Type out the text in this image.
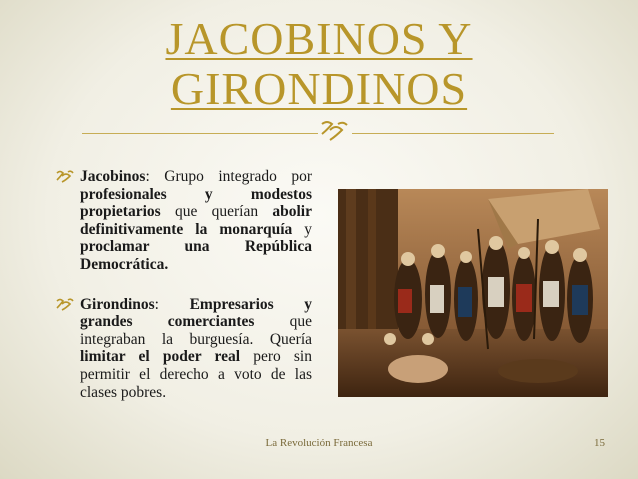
JACOBINOS Y
GIRONDINOS
Jacobinos: Grupo integrado por profesionales y modestos propietarios que querían abolir definitivamente la monarquía y proclamar una República Democrática.
Girondinos: Empresarios y grandes comerciantes que integraban la burguesía. Quería limitar el poder real pero sin permitir el derecho a voto de las clases pobres.
La Revolución Francesa	15
